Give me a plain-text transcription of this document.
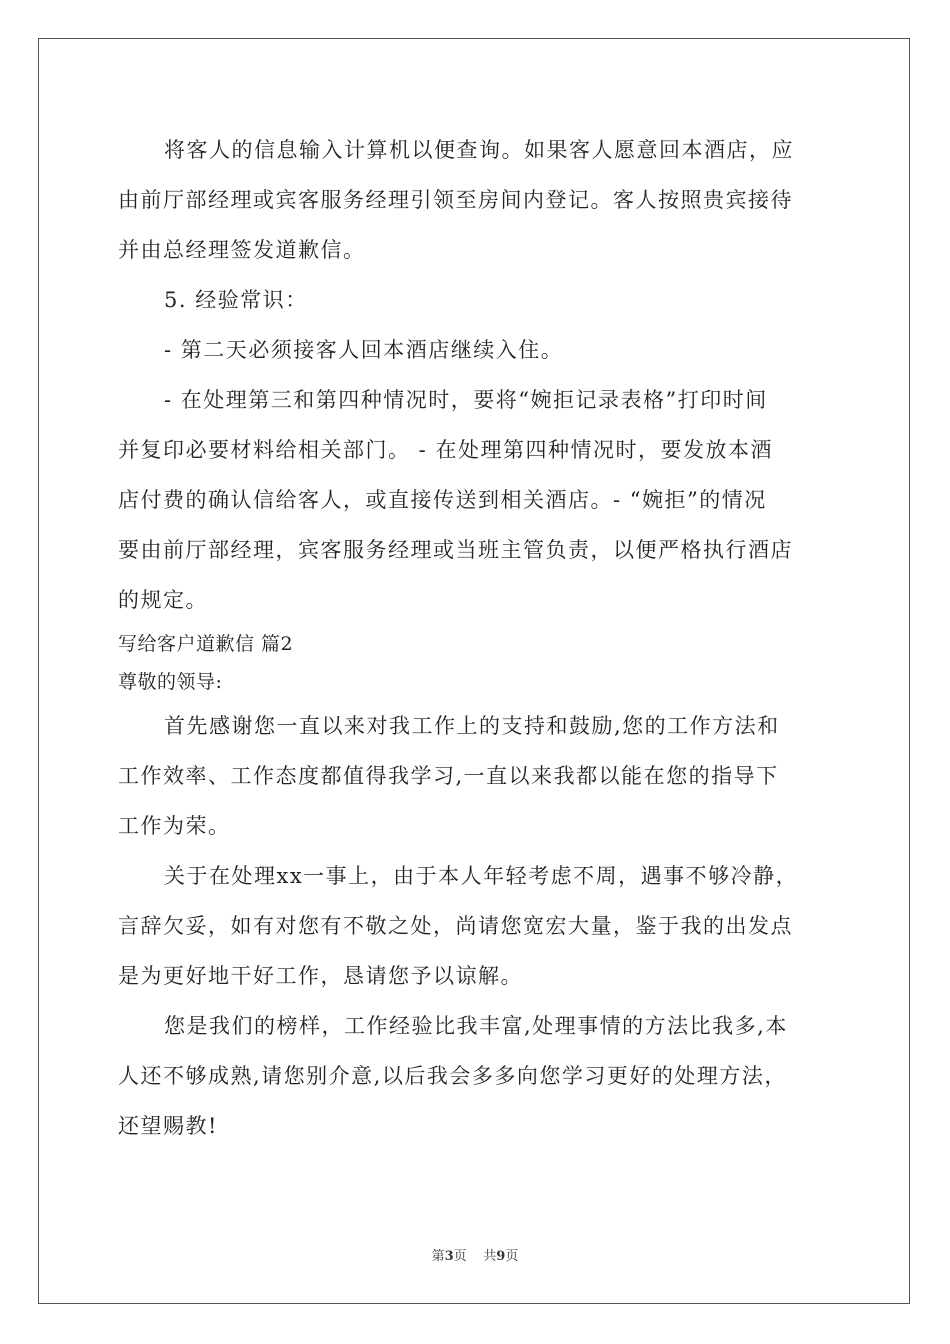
将客人的信息输入计算机以便查询。如果客人愿意回本酒店，应
由前厅部经理或宾客服务经理引领至房间内登记。客人按照贵宾接待
并由总经理签发道歉信。
5. 经验常识：
- 第二天必须接客人回本酒店继续入住。
- 在处理第三和第四种情况时，要将“婉拒记录表格”打印时间
并复印必要材料给相关部门。 - 在处理第四种情况时，要发放本酒
店付费的确认信给客人，或直接传送到相关酒店。- “婉拒”的情况
要由前厅部经理，宾客服务经理或当班主管负责，以便严格执行酒店
的规定。
写给客户道歉信 篇2
尊敬的领导:
首先感谢您一直以来对我工作上的支持和鼓励,您的工作方法和
工作效率、工作态度都值得我学习,一直以来我都以能在您的指导下
工作为荣。
关于在处理xx一事上，由于本人年轻考虑不周，遇事不够冷静，
言辞欠妥，如有对您有不敬之处，尚请您宽宏大量，鉴于我的出发点
是为更好地干好工作，恳请您予以谅解。
您是我们的榜样，工作经验比我丰富,处理事情的方法比我多,本
人还不够成熟,请您别介意,以后我会多多向您学习更好的处理方法，
还望赐教!
第3页 共9页
